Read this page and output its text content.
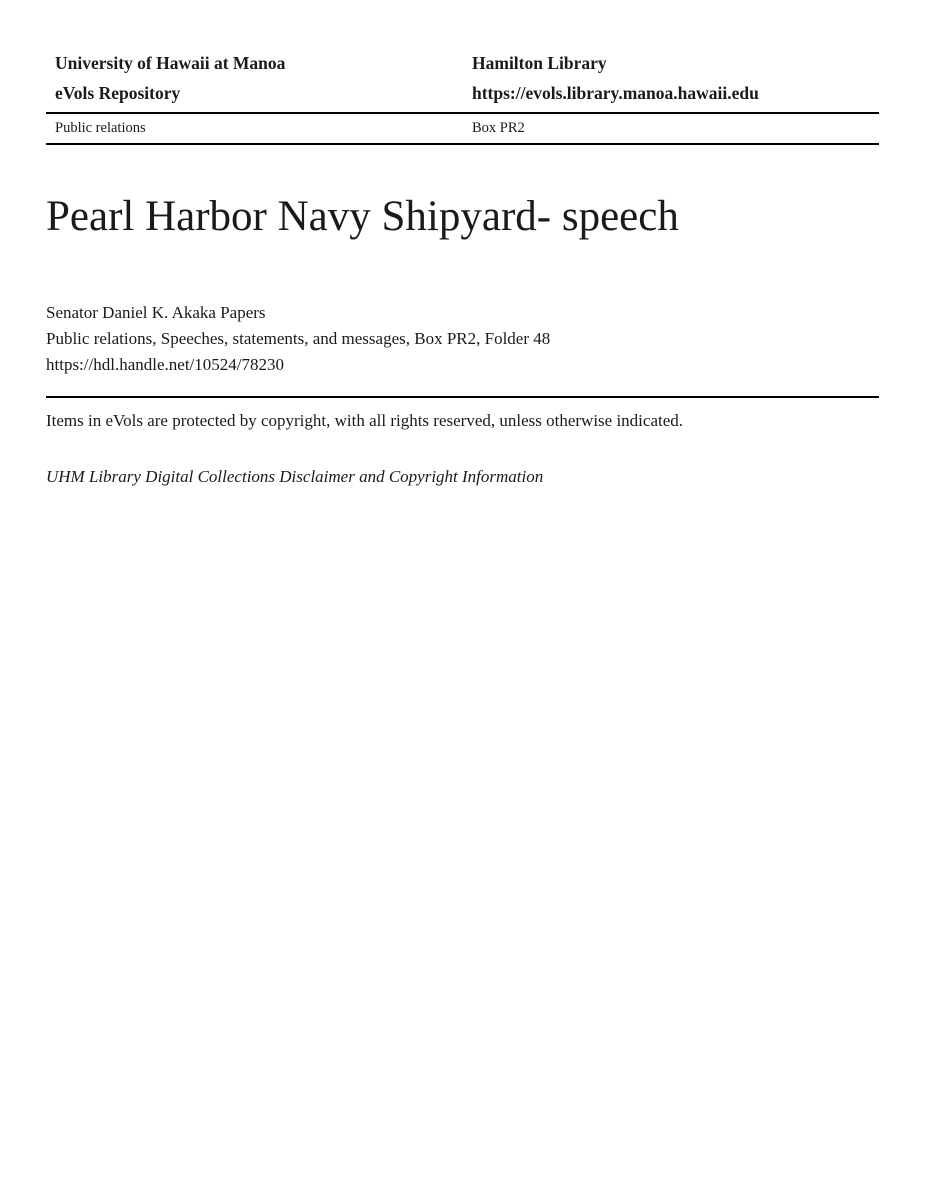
University of Hawaii at Manoa
eVols Repository
Hamilton Library
https://evols.library.manoa.hawaii.edu
Public relations	Box PR2
Pearl Harbor Navy Shipyard- speech
Senator Daniel K. Akaka Papers
Public relations, Speeches, statements, and messages, Box PR2, Folder 48
https://hdl.handle.net/10524/78230

Items in eVols are protected by copyright, with all rights reserved, unless otherwise indicated.

UHM Library Digital Collections Disclaimer and Copyright Information
